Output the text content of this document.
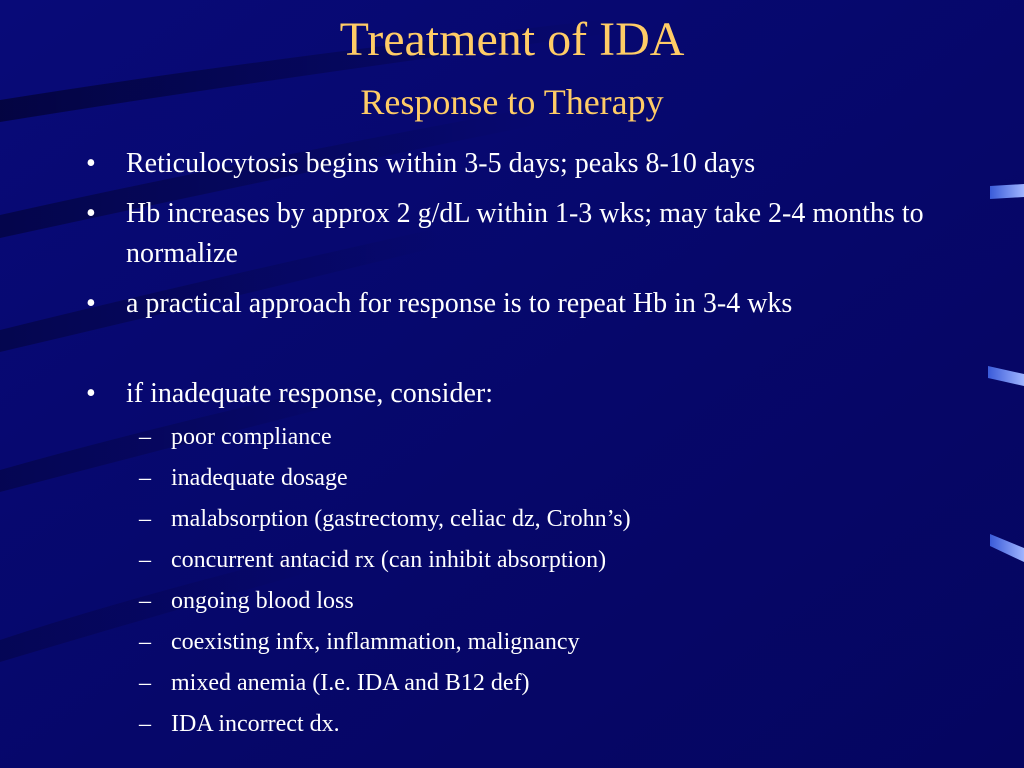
Treatment of IDA
Response to Therapy
• Reticulocytosis begins within 3-5 days; peaks 8-10 days
• Hb increases by approx 2 g/dL within 1-3 wks; may take 2-4 months to normalize
• a practical approach for response is to repeat Hb in 3-4 wks
• if inadequate response, consider:
– poor compliance
– inadequate dosage
– malabsorption (gastrectomy, celiac dz, Crohn’s)
– concurrent antacid rx (can inhibit absorption)
– ongoing blood loss
– coexisting infx, inflammation, malignancy
– mixed anemia (I.e. IDA and B12 def)
– IDA incorrect dx.
